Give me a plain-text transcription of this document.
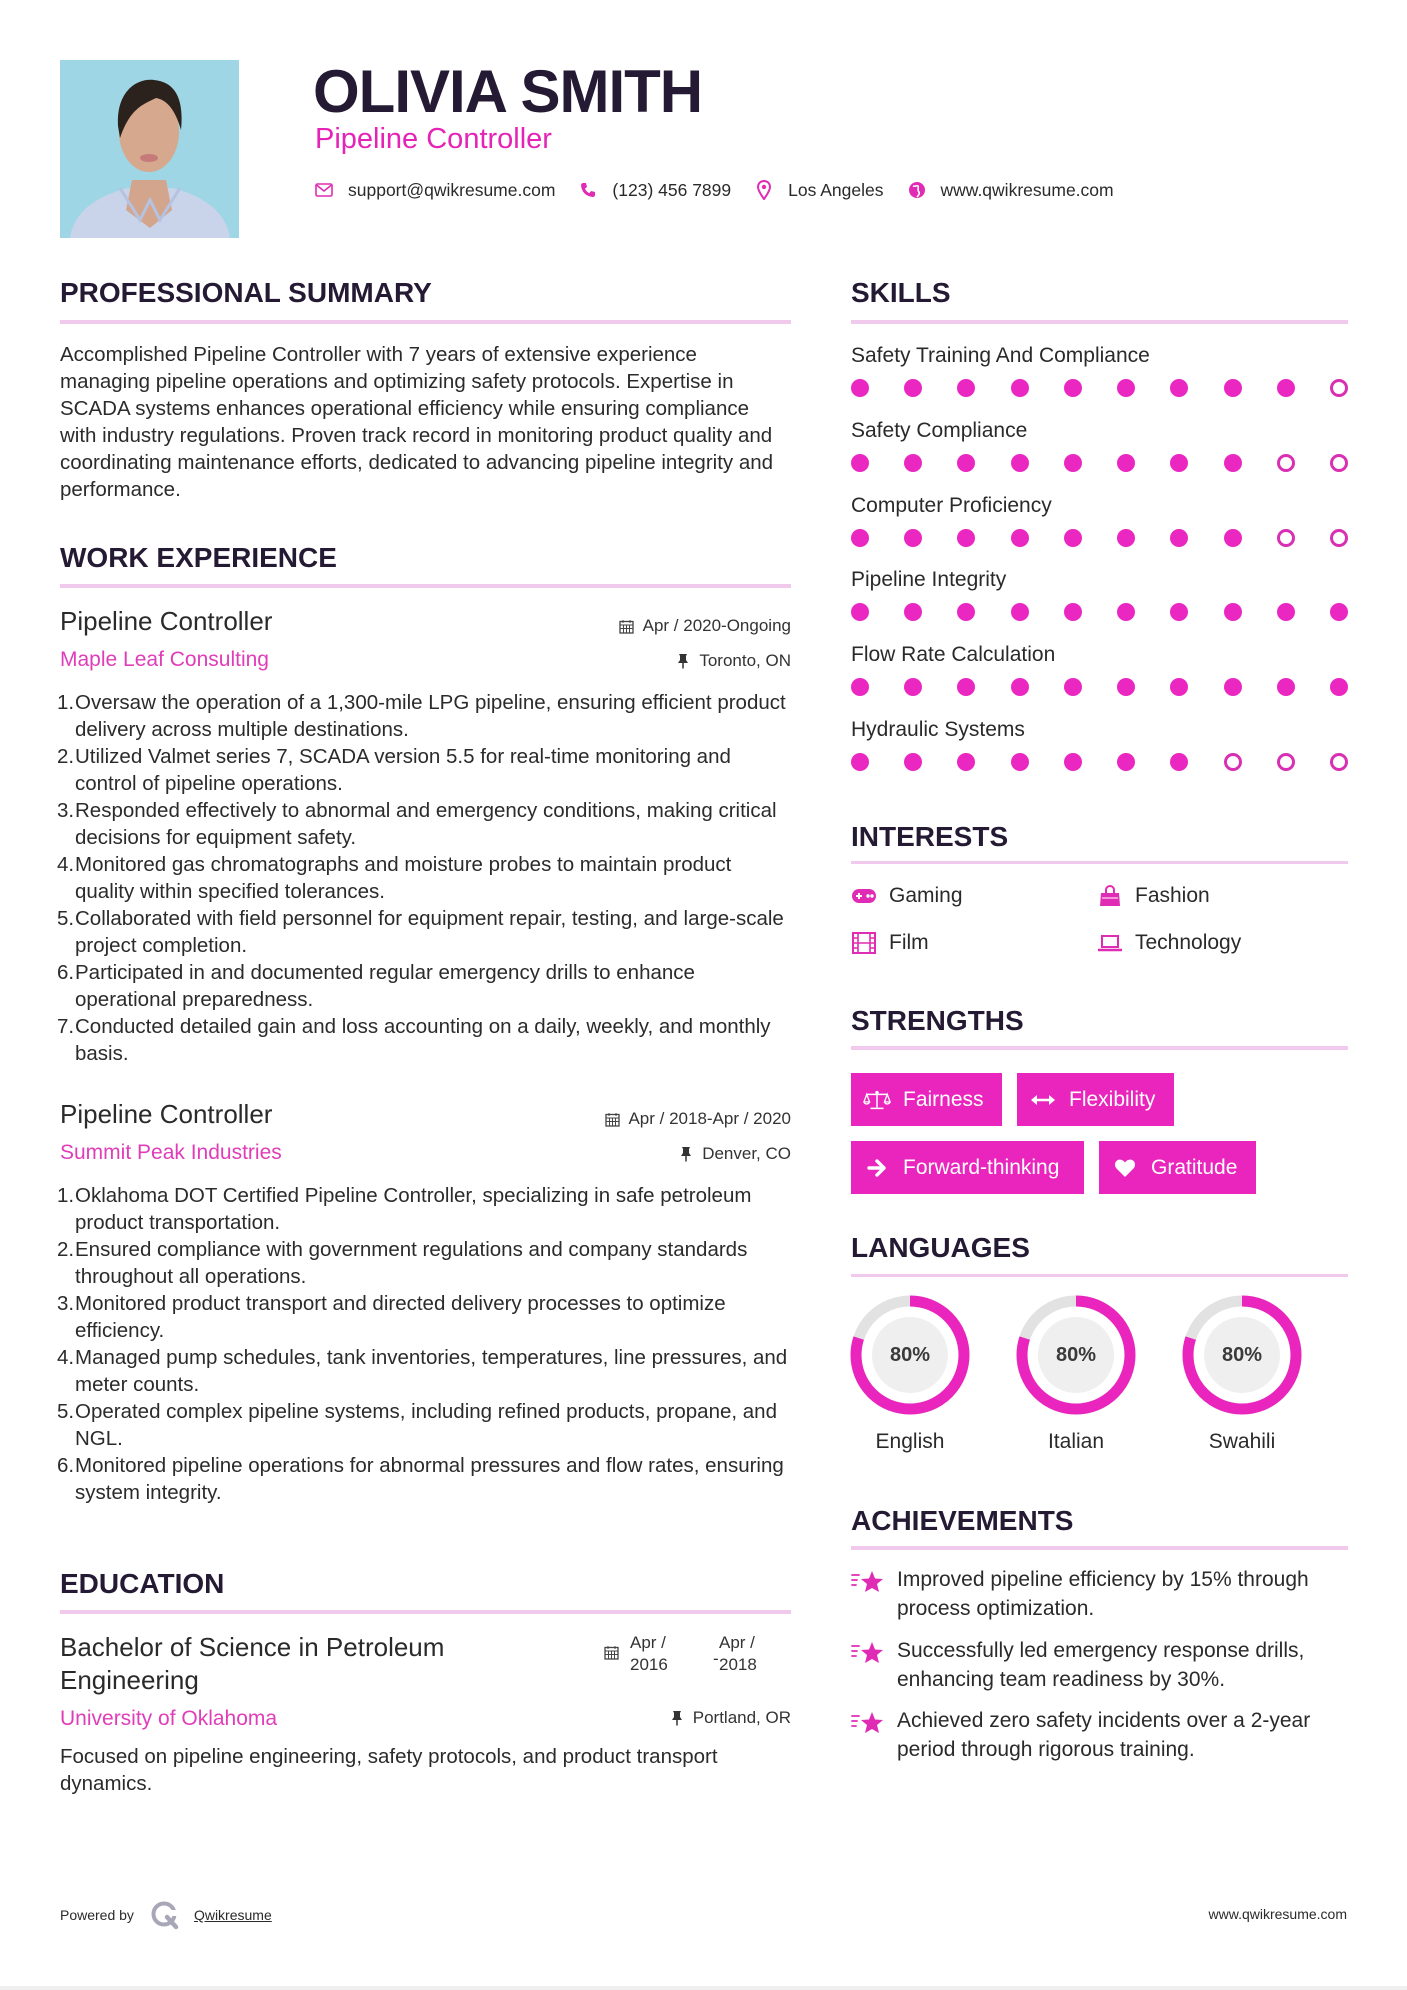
OLIVIA SMITH
Pipeline Controller
support@qwikresume.com	(123) 456 7899	Los Angeles	www.qwikresume.com
PROFESSIONAL SUMMARY
Accomplished Pipeline Controller with 7 years of extensive experience managing pipeline operations and optimizing safety protocols. Expertise in SCADA systems enhances operational efficiency while ensuring compliance with industry regulations. Proven track record in monitoring product quality and coordinating maintenance efforts, dedicated to advancing pipeline integrity and performance.
WORK EXPERIENCE
Pipeline Controller	Apr / 2020-Ongoing
Maple Leaf Consulting	Toronto, ON
1. Oversaw the operation of a 1,300-mile LPG pipeline, ensuring efficient product delivery across multiple destinations.
2. Utilized Valmet series 7, SCADA version 5.5 for real-time monitoring and control of pipeline operations.
3. Responded effectively to abnormal and emergency conditions, making critical decisions for equipment safety.
4. Monitored gas chromatographs and moisture probes to maintain product quality within specified tolerances.
5. Collaborated with field personnel for equipment repair, testing, and large-scale project completion.
6. Participated in and documented regular emergency drills to enhance operational preparedness.
7. Conducted detailed gain and loss accounting on a daily, weekly, and monthly basis.
Pipeline Controller	Apr / 2018-Apr / 2020
Summit Peak Industries	Denver, CO
1. Oklahoma DOT Certified Pipeline Controller, specializing in safe petroleum product transportation.
2. Ensured compliance with government regulations and company standards throughout all operations.
3. Monitored product transport and directed delivery processes to optimize efficiency.
4. Managed pump schedules, tank inventories, temperatures, line pressures, and meter counts.
5. Operated complex pipeline systems, including refined products, propane, and NGL.
6. Monitored pipeline operations for abnormal pressures and flow rates, ensuring system integrity.
EDUCATION
Bachelor of Science in Petroleum Engineering
Apr /
2016	-
Apr /
2018
University of Oklahoma	Portland, OR
Focused on pipeline engineering, safety protocols, and product transport dynamics.
SKILLS
Safety Training And Compliance
Safety Compliance
Computer Proficiency
Pipeline Integrity
Flow Rate Calculation
Hydraulic Systems
INTERESTS
Gaming	Fashion
Film	Technology
STRENGTHS
Fairness	Flexibility
Forward-thinking	Gratitude
LANGUAGES
80%
English
80%
Italian
80%
Swahili
ACHIEVEMENTS
Improved pipeline efficiency by 15% through process optimization.
Successfully led emergency response drills, enhancing team readiness by 30%.
Achieved zero safety incidents over a 2-year period through rigorous training.
Powered by	Qwikresume	www.qwikresume.com
